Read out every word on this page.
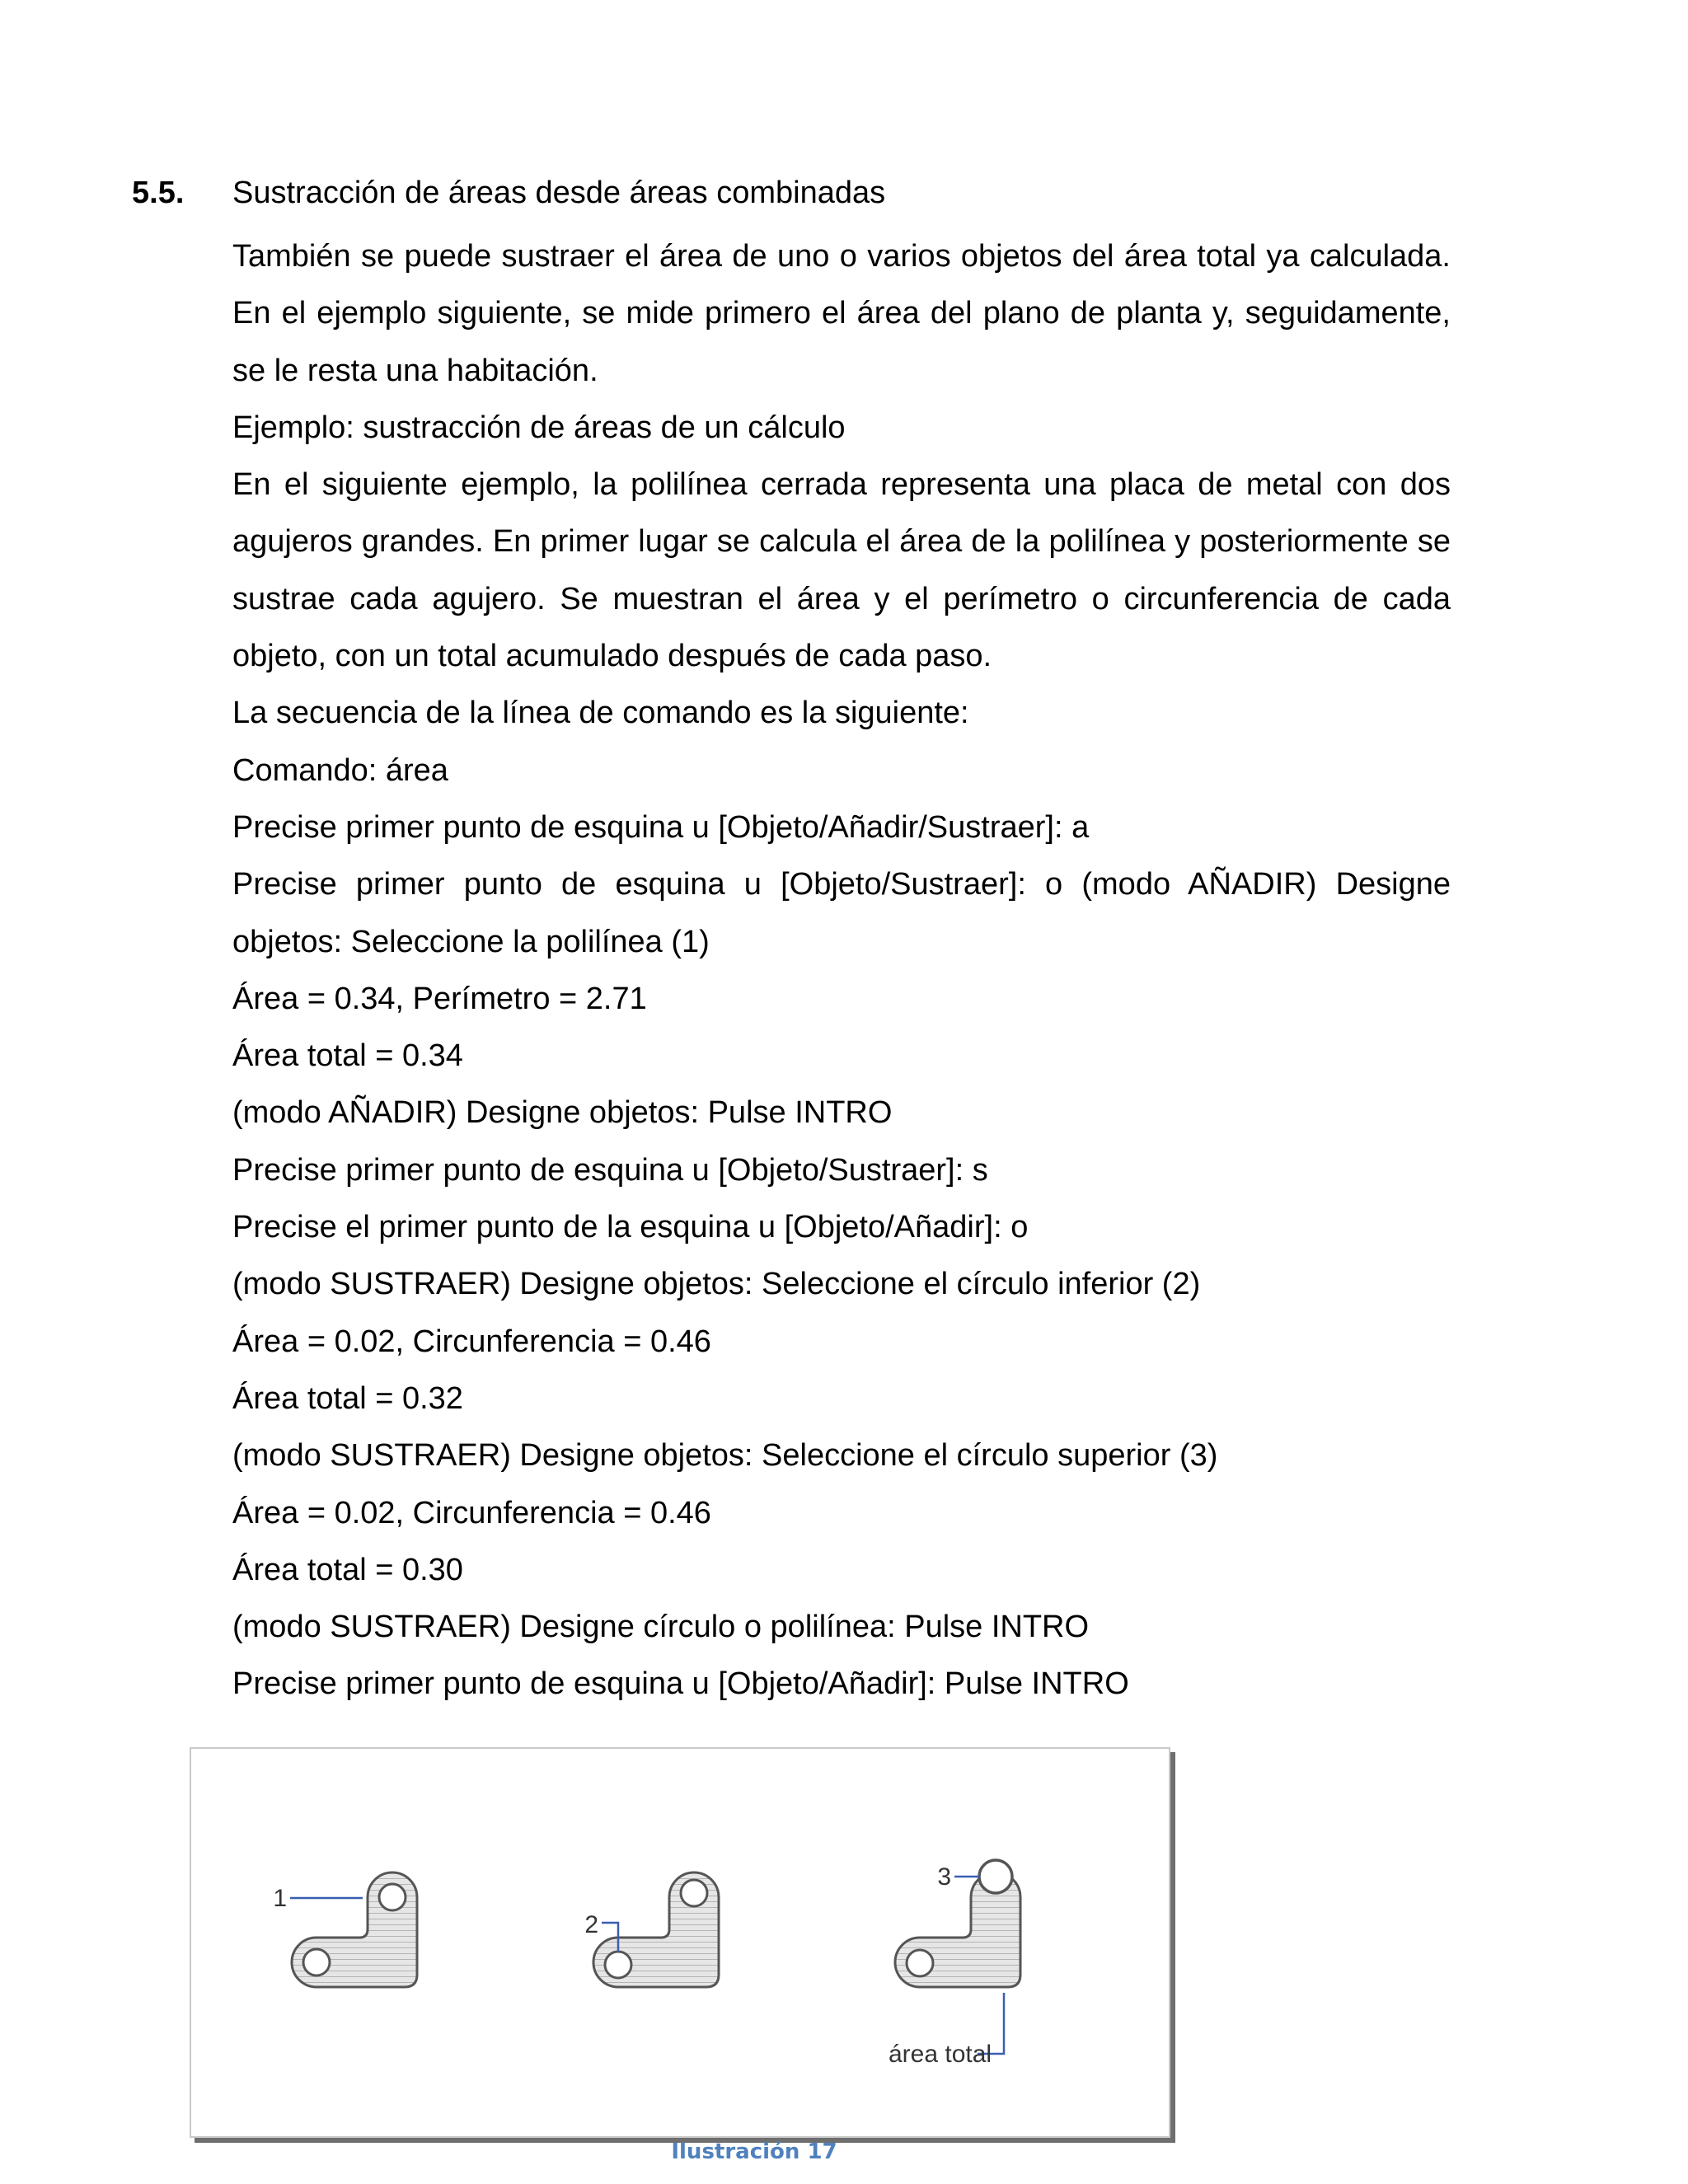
5.5. Sustracción de áreas desde áreas combinadas

También se puede sustraer el área de uno o varios objetos del área total ya calculada. En el ejemplo siguiente, se mide primero el área del plano de planta y, seguidamente, se le resta una habitación.

Ejemplo: sustracción de áreas de un cálculo

En el siguiente ejemplo, la polilínea cerrada representa una placa de metal con dos agujeros grandes. En primer lugar se calcula el área de la polilínea y posteriormente se sustrae cada agujero. Se muestran el área y el perímetro o circunferencia de cada objeto, con un total acumulado después de cada paso.

La secuencia de la línea de comando es la siguiente:

Comando: área

Precise primer punto de esquina u [Objeto/Añadir/Sustraer]: a

Precise primer punto de esquina u [Objeto/Sustraer]: o (modo AÑADIR) Designe objetos: Seleccione la polilínea (1)

Área = 0.34, Perímetro = 2.71

Área total = 0.34

(modo AÑADIR) Designe objetos: Pulse INTRO

Precise primer punto de esquina u [Objeto/Sustraer]: s

Precise el primer punto de la esquina u [Objeto/Añadir]: o

(modo SUSTRAER) Designe objetos: Seleccione el círculo inferior (2)

Área = 0.02, Circunferencia = 0.46

Área total = 0.32

(modo SUSTRAER) Designe objetos: Seleccione el círculo superior (3)

Área = 0.02, Circunferencia = 0.46

Área total = 0.30

(modo SUSTRAER) Designe círculo o polilínea: Pulse INTRO

Precise primer punto de esquina u [Objeto/Añadir]: Pulse INTRO

1
2
3
área total
Ilustración 17
